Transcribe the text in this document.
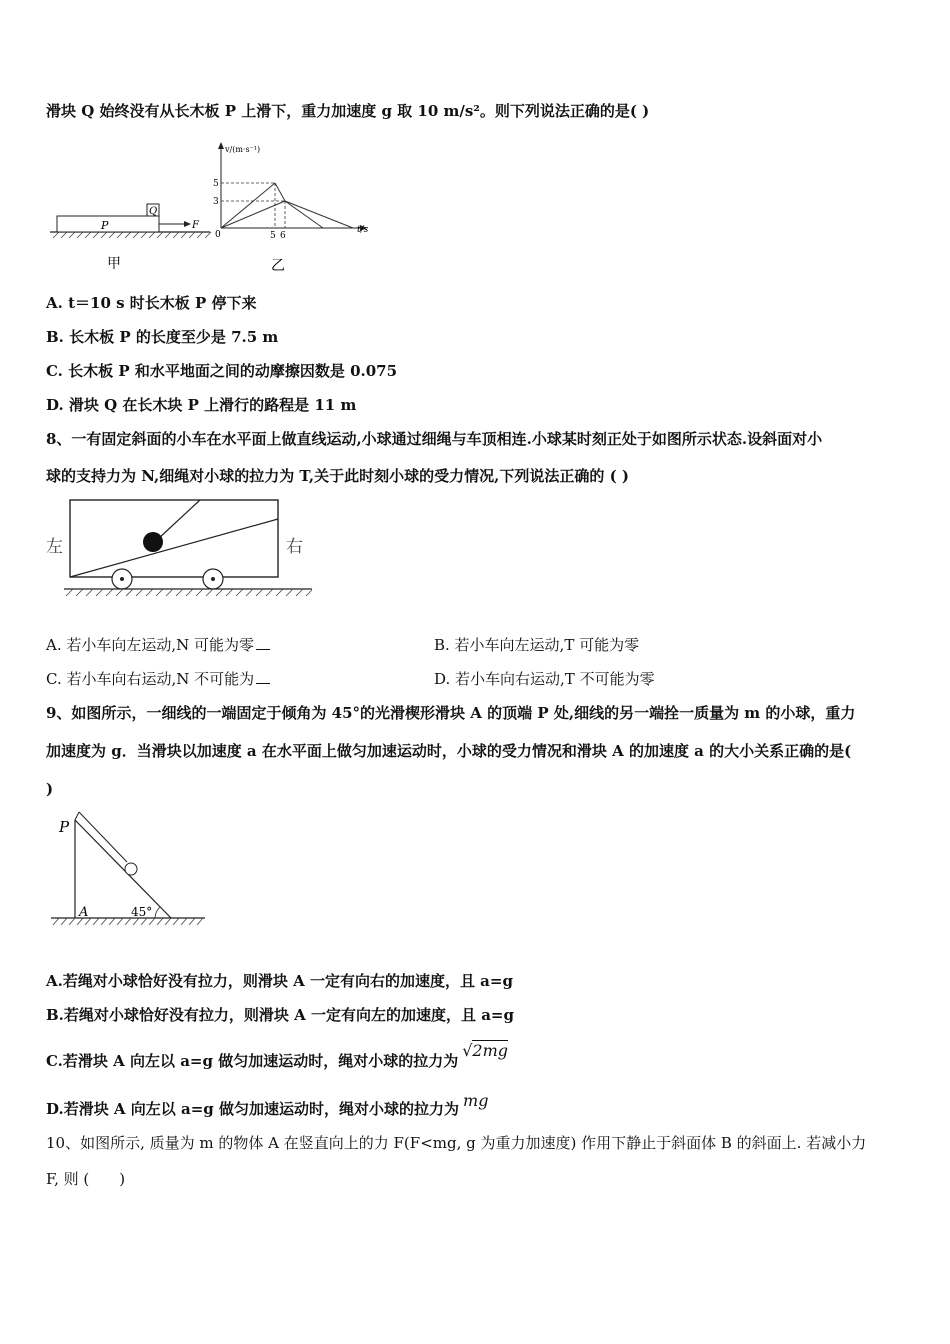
滑块 Q 始终没有从长木板 P 上滑下，重力加速度 g 取 10 m/s²。则下列说法正确的是( )
P
Q
F
甲
v/(m·s⁻¹)
t/s
0
5
3
5 6
乙
A. t＝10 s 时长木板 P 停下来
B. 长木板 P 的长度至少是 7.5 m
C. 长木板 P 和水平地面之间的动摩擦因数是 0.075
D. 滑块 Q 在长木块 P 上滑行的路程是 11 m
8、一有固定斜面的小车在水平面上做直线运动,小球通过细绳与车顶相连.小球某时刻正处于如图所示状态.设斜面对小
球的支持力为 N,细绳对小球的拉力为 T,关于此时刻小球的受力情况,下列说法正确的 ( )
左	右
A. 若小车向左运动,N 可能为零	B. 若小车向左运动,T 可能为零
C. 若小车向右运动,N 不可能为	D. 若小车向右运动,T 不可能为零
9、如图所示，一细线的一端固定于倾角为 45°的光滑楔形滑块 A 的顶端 P 处,细线的另一端拴一质量为 m 的小球，重力
加速度为 g．当滑块以加速度 a 在水平面上做匀加速运动时，小球的受力情况和滑块 A 的加速度 a 的大小关系正确的是(
)
P
A	45°
A.若绳对小球恰好没有拉力，则滑块 A 一定有向右的加速度，且 a=g
B.若绳对小球恰好没有拉力，则滑块 A 一定有向左的加速度，且 a=g
C.若滑块 A 向左以 a=g 做匀加速运动时，绳对小球的拉力为√2mg
D.若滑块 A 向左以 a=g 做匀加速运动时，绳对小球的拉力为 mg
10、如图所示, 质量为 m 的物体 A 在竖直向上的力 F(F<mg, g 为重力加速度) 作用下静止于斜面体 B 的斜面上. 若减小力
F, 则 (　　)
